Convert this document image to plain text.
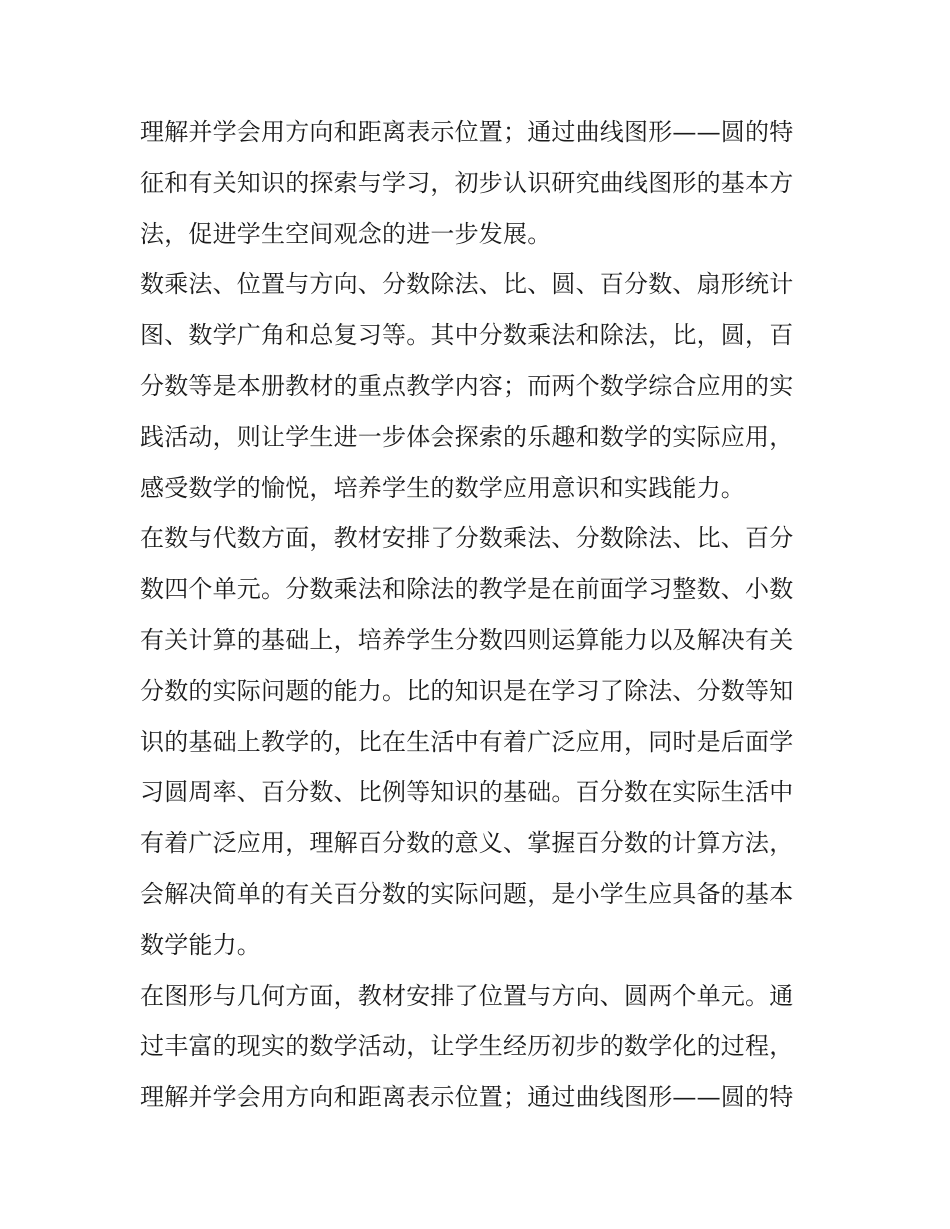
理解并学会用方向和距离表示位置；通过曲线图形——圆的特
征和有关知识的探索与学习，初步认识研究曲线图形的基本方
法，促进学生空间观念的进一步发展。

数乘法、位置与方向、分数除法、比、圆、百分数、扇形统计
图、数学广角和总复习等。其中分数乘法和除法，比，圆，百
分数等是本册教材的重点教学内容；而两个数学综合应用的实
践活动，则让学生进一步体会探索的乐趣和数学的实际应用，
感受数学的愉悦，培养学生的数学应用意识和实践能力。

在数与代数方面，教材安排了分数乘法、分数除法、比、百分
数四个单元。分数乘法和除法的教学是在前面学习整数、小数
有关计算的基础上，培养学生分数四则运算能力以及解决有关
分数的实际问题的能力。比的知识是在学习了除法、分数等知
识的基础上教学的，比在生活中有着广泛应用，同时是后面学
习圆周率、百分数、比例等知识的基础。百分数在实际生活中
有着广泛应用，理解百分数的意义、掌握百分数的计算方法，
会解决简单的有关百分数的实际问题，是小学生应具备的基本
数学能力。

在图形与几何方面，教材安排了位置与方向、圆两个单元。通
过丰富的现实的数学活动，让学生经历初步的数学化的过程，
理解并学会用方向和距离表示位置；通过曲线图形——圆的特
